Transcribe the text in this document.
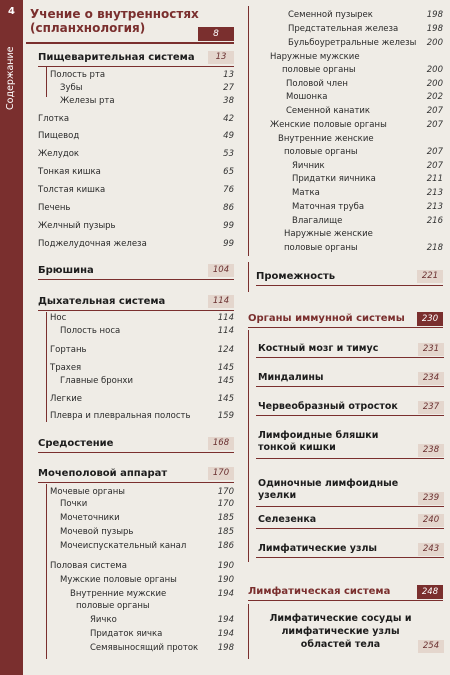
4
Содержание
Учение о внутренностях (спланхнология)	8
Пищеварительная система	13
Полость рта	13
Зубы	27
Железы рта	38
Глотка	42
Пищевод	49
Желудок	53
Тонкая кишка	65
Толстая кишка	76
Печень	86
Желчный пузырь	99
Поджелудочная железа	99
Брюшина	104
Дыхательная система	114
Нос	114
Полость носа	114
Гортань	124
Трахея	145
Главные бронхи	145
Легкие	145
Плевра и плевральная полость	159
Средостение	168
Мочеполовой аппарат	170
Мочевые органы	170
Почки	170
Мочеточники	185
Мочевой пузырь	185
Мочеиспускательный канал	186
Половая система	190
Мужские половые органы	190
Внутренние мужские	194
половые органы
Яичко	194
Придаток яичка	194
Семявыносящий проток 198
Семенной пузырек	198
Предстательная железа	198
Бульбоуретральные железы 200
Наружные мужские
половые органы	200
Половой член	200
Мошонка	202
Семенной канатик	207
Женские половые органы	207
Внутренние женские
половые органы	207
Яичник	207
Придатки яичника	211
Матка	213
Маточная труба	213
Влагалище	216
Наружные женские
половые органы	218
Промежность	221
Органы иммунной системы	230
Костный мозг и тимус	231
Миндалины	234
Червеобразный отросток	237
Лимфоидные бляшки тонкой кишки	238
Одиночные лимфоидные узелки	239
Селезенка	240
Лимфатические узлы	243
Лимфатическая система	248
Лимфатические сосуды и лимфатические узлы областей тела	254
